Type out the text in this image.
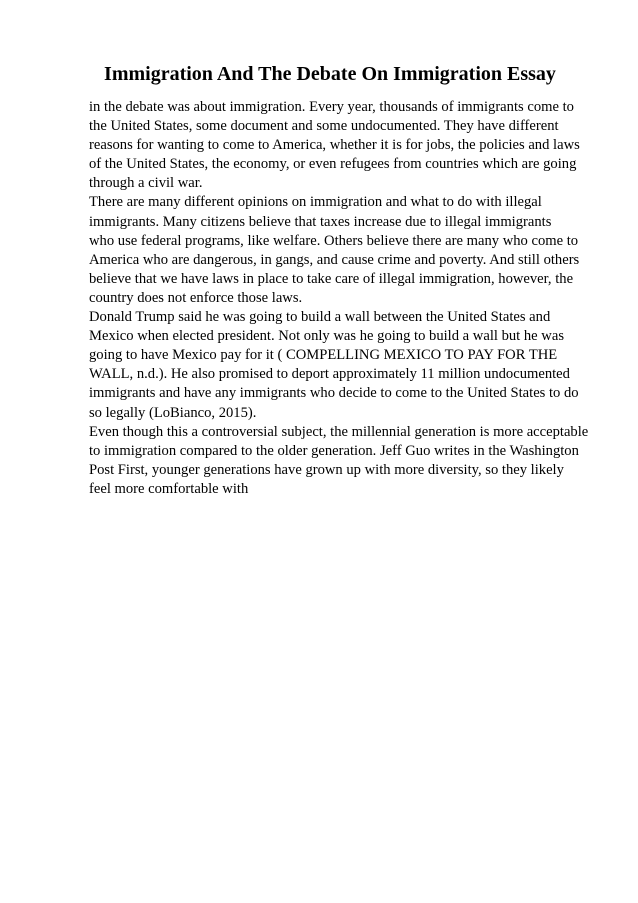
Immigration And The Debate On Immigration Essay

in the debate was about immigration. Every year, thousands of immigrants come to
the United States, some document and some undocumented. They have different
reasons for wanting to come to America, whether it is for jobs, the policies and laws
of the United States, the economy, or even refugees from countries which are going
through a civil war.

There are many different opinions on immigration and what to do with illegal
immigrants. Many citizens believe that taxes increase due to illegal immigrants
who use federal programs, like welfare. Others believe there are many who come to
America who are dangerous, in gangs, and cause crime and poverty. And still others
believe that we have laws in place to take care of illegal immigration, however, the
country does not enforce those laws.

Donald Trump said he was going to build a wall between the United States and
Mexico when elected president. Not only was he going to build a wall but he was
going to have Mexico pay for it ( COMPELLING MEXICO TO PAY FOR THE
WALL, n.d.). He also promised to deport approximately 11 million undocumented
immigrants and have any immigrants who decide to come to the United States to do
so legally (LoBianco, 2015).

Even though this a controversial subject, the millennial generation is more acceptable
to immigration compared to the older generation. Jeff Guo writes in the Washington
Post First, younger generations have grown up with more diversity, so they likely
feel more comfortable with
